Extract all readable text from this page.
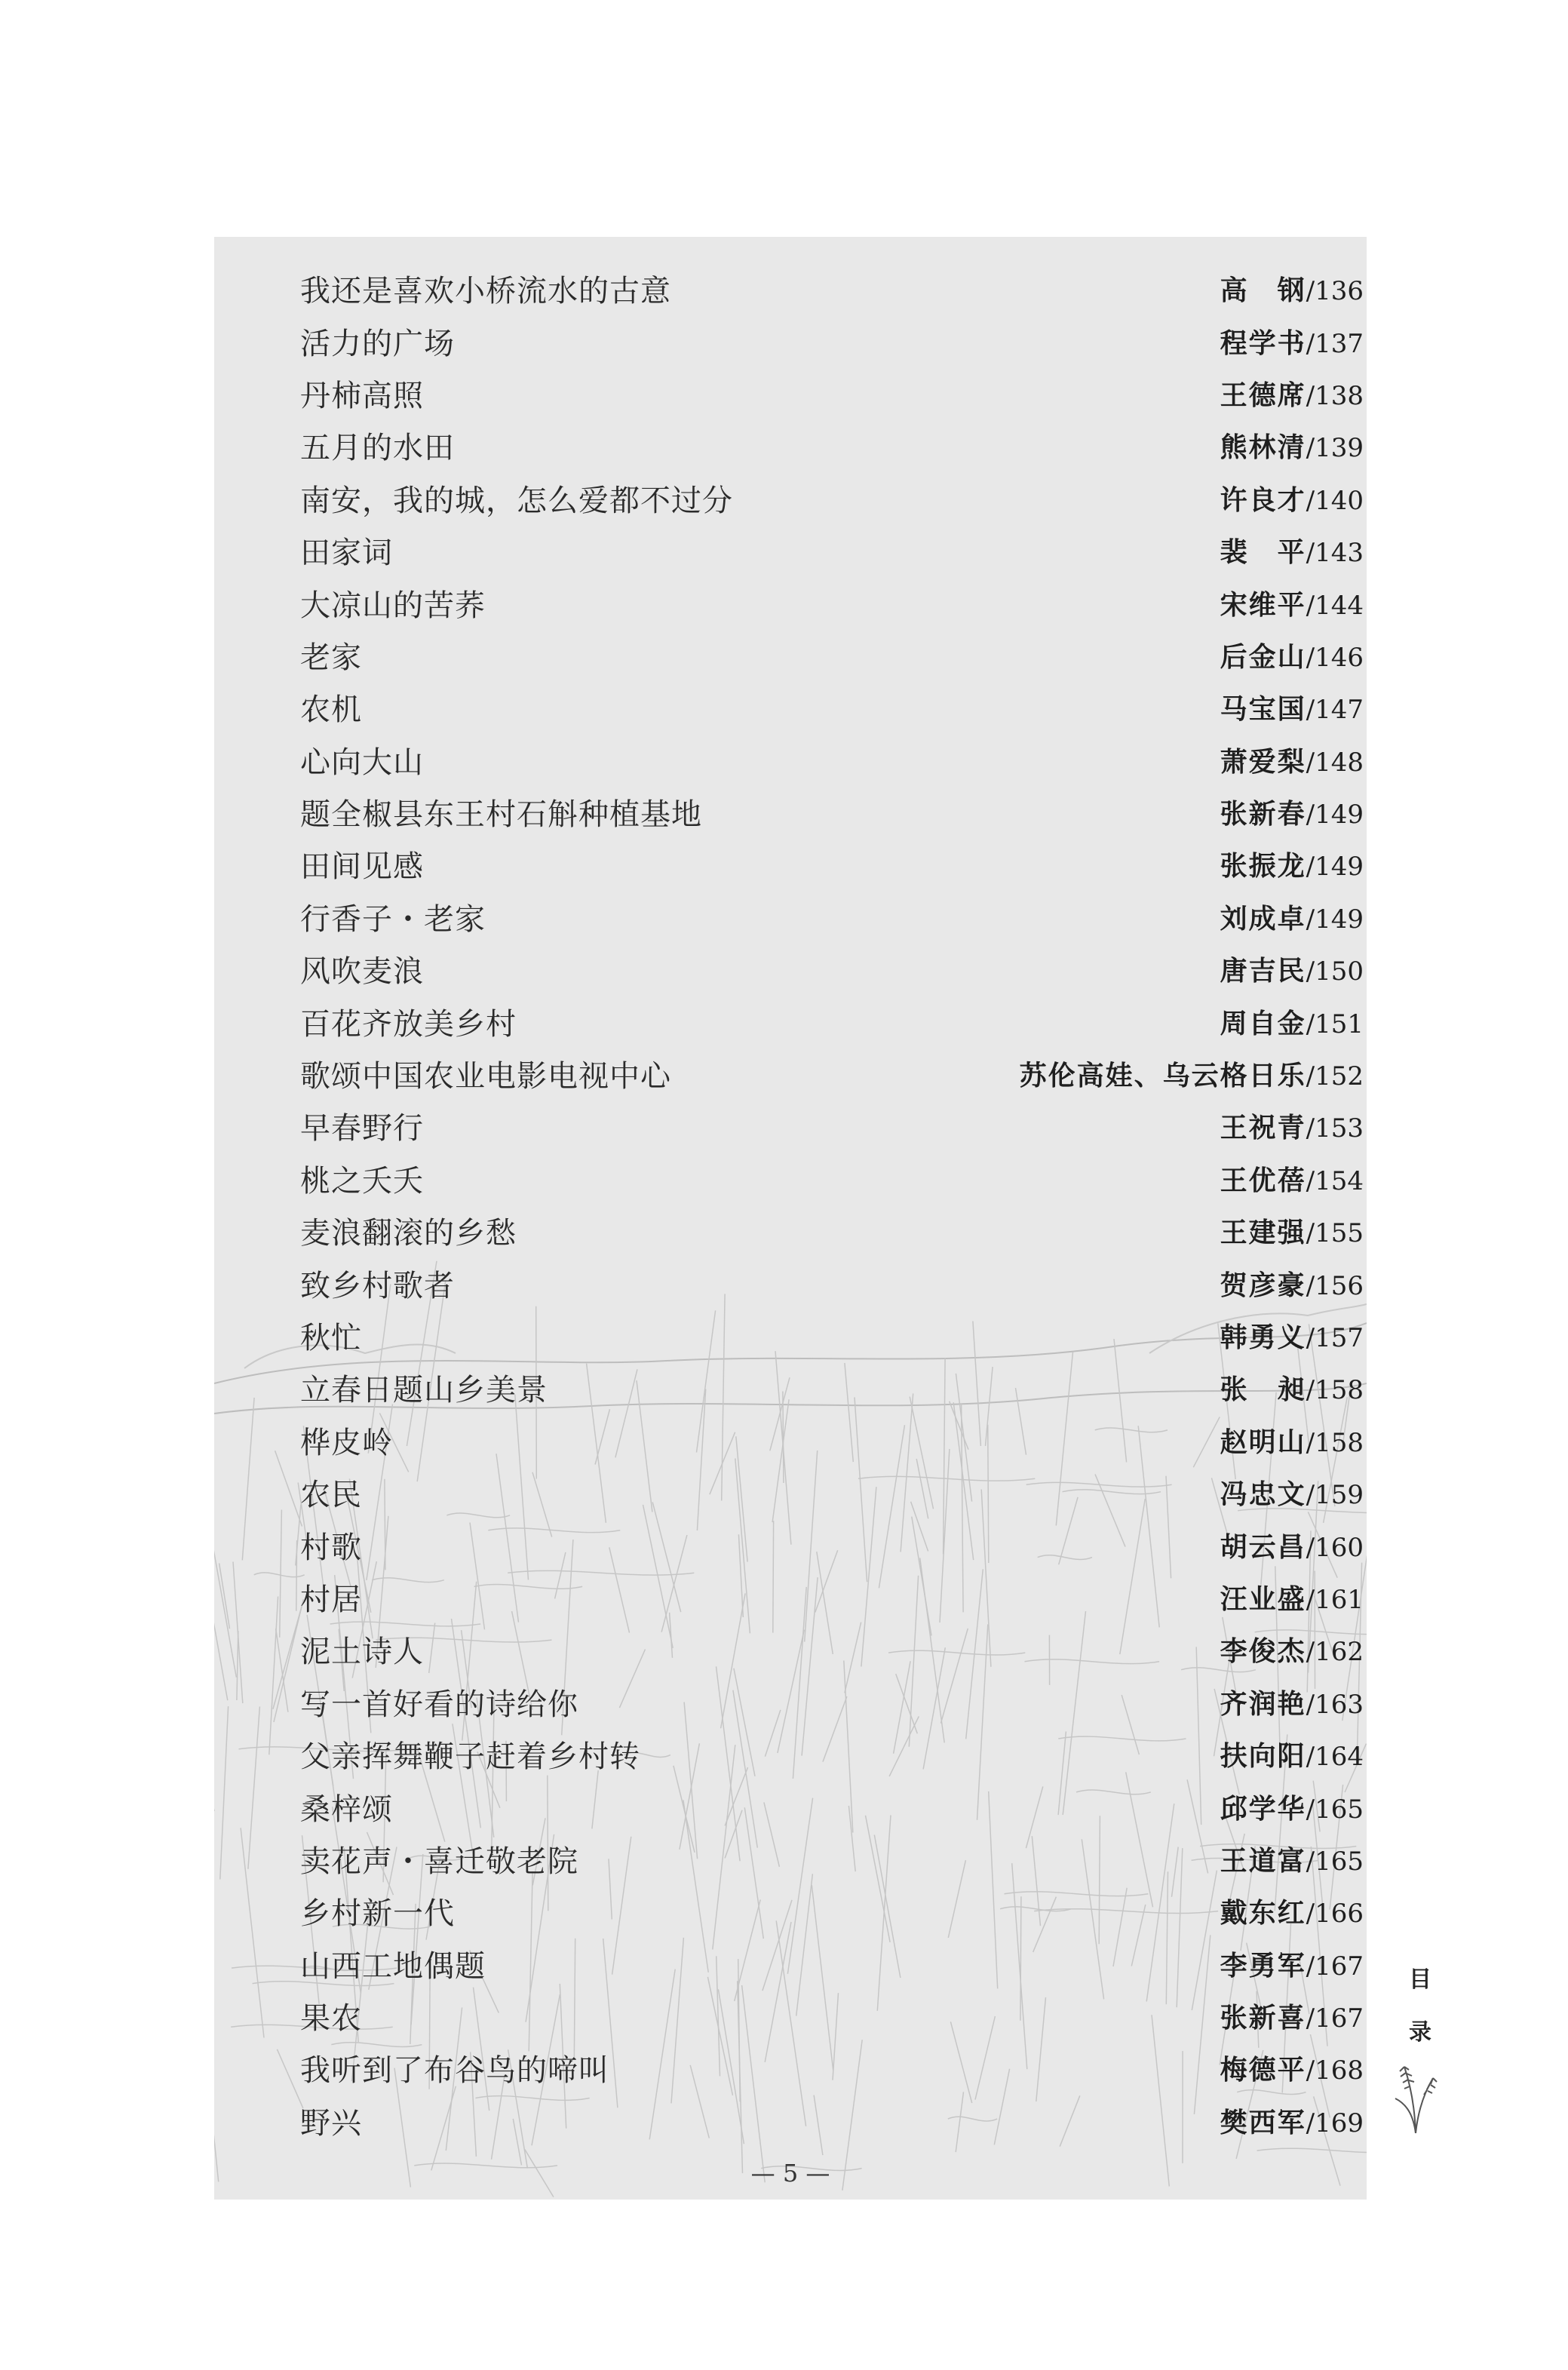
我还是喜欢小桥流水的古意	高　钢/136
活力的广场	程学书/137
丹柿高照	王德席/138
五月的水田	熊林清/139
南安，我的城，怎么爱都不过分	许良才/140
田家词	裴　平/143
大凉山的苦荞	宋维平/144
老家	后金山/146
农机	马宝国/147
心向大山	萧爱梨/148
题全椒县东王村石斛种植基地	张新春/149
田间见感	张振龙/149
行香子・老家	刘成卓/149
风吹麦浪	唐吉民/150
百花齐放美乡村	周自金/151
歌颂中国农业电影电视中心	苏伦高娃、乌云格日乐/152
早春野行	王祝青/153
桃之夭夭	王优蓓/154
麦浪翻滚的乡愁	王建强/155
致乡村歌者	贺彦豪/156
秋忙	韩勇义/157
立春日题山乡美景	张　昶/158
桦皮岭	赵明山/158
农民	冯忠文/159
村歌	胡云昌/160
村居	汪业盛/161
泥土诗人	李俊杰/162
写一首好看的诗给你	齐润艳/163
父亲挥舞鞭子赶着乡村转	扶向阳/164
桑梓颂	邱学华/165
卖花声・喜迁敬老院	王道富/165
乡村新一代	戴东红/166
山西工地偶题	李勇军/167
果农	张新喜/167
我听到了布谷鸟的啼叫	梅德平/168
野兴	樊西军/169
— 5 —
目
录
